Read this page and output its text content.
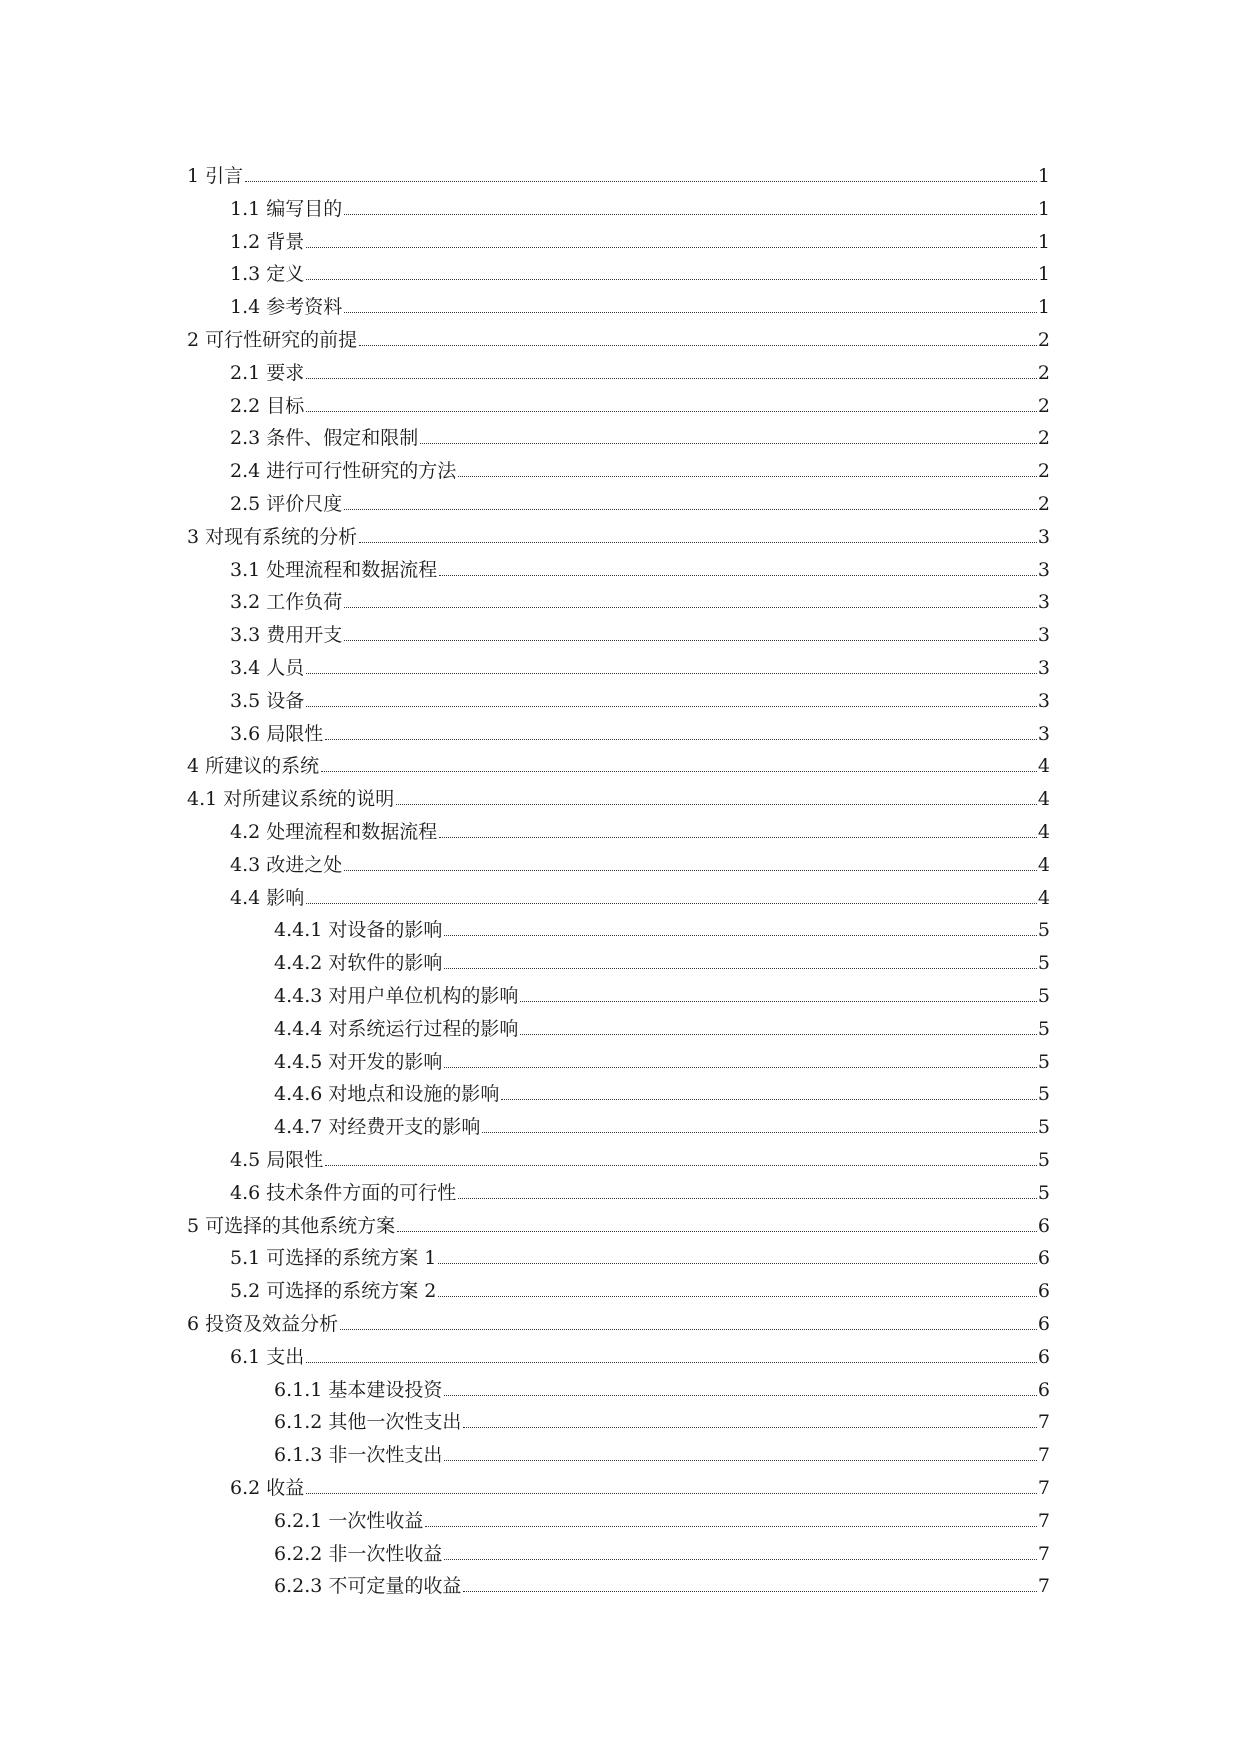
1 引言	1
1.1 编写目的	1
1.2 背景	1
1.3 定义	1
1.4 参考资料	1
2 可行性研究的前提	2
2.1 要求	2
2.2 目标	2
2.3 条件、假定和限制	2
2.4 进行可行性研究的方法	2
2.5 评价尺度	2
3 对现有系统的分析	3
3.1 处理流程和数据流程	3
3.2 工作负荷	3
3.3 费用开支	3
3.4 人员	3
3.5 设备	3
3.6 局限性	3
4 所建议的系统	4
4.1 对所建议系统的说明	4
4.2 处理流程和数据流程	4
4.3 改进之处	4
4.4 影响	4
4.4.1 对设备的影响	5
4.4.2 对软件的影响	5
4.4.3 对用户单位机构的影响	5
4.4.4 对系统运行过程的影响	5
4.4.5 对开发的影响	5
4.4.6 对地点和设施的影响	5
4.4.7 对经费开支的影响	5
4.5 局限性	5
4.6 技术条件方面的可行性	5
5 可选择的其他系统方案	6
5.1 可选择的系统方案 1	6
5.2 可选择的系统方案 2	6
6 投资及效益分析	6
6.1 支出	6
6.1.1 基本建设投资	6
6.1.2 其他一次性支出	7
6.1.3 非一次性支出	7
6.2 收益	7
6.2.1 一次性收益	7
6.2.2 非一次性收益	7
6.2.3 不可定量的收益	7
